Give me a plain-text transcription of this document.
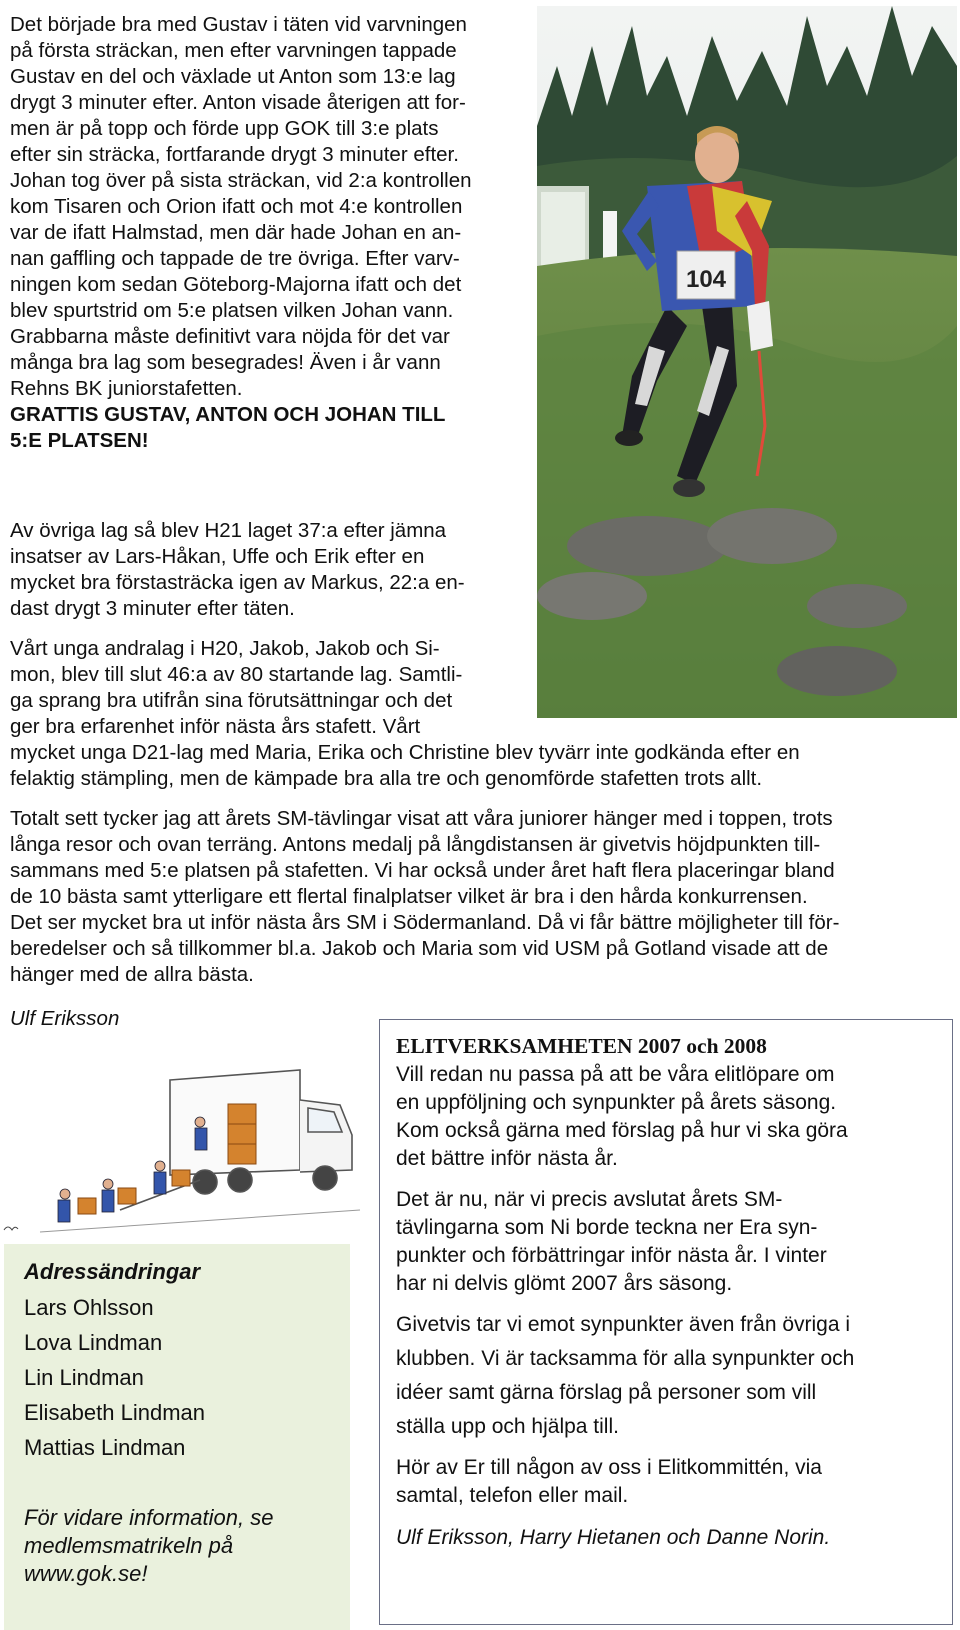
Det började bra med Gustav i täten vid varvningen
på första sträckan, men efter varvningen tappade
Gustav en del och växlade ut Anton som 13:e lag
drygt 3 minuter efter. Anton visade återigen att for-
men är på topp och förde upp GOK till 3:e plats
efter sin sträcka, fortfarande drygt 3 minuter efter.
Johan tog över på sista sträckan, vid 2:a kontrollen
kom Tisaren och Orion ifatt och mot 4:e kontrollen
var de ifatt Halmstad, men där hade Johan en an-
nan gaffling och tappade de tre övriga. Efter varv-
ningen kom sedan Göteborg-Majorna ifatt och det
blev spurtstrid om 5:e platsen vilken Johan vann.
Grabbarna måste definitivt vara nöjda för det var
många bra lag som besegrades! Även i år vann
Rehns BK juniorstafetten.
GRATTIS GUSTAV, ANTON OCH JOHAN TILL
5:E PLATSEN!
Av övriga lag så blev H21 laget 37:a efter jämna
insatser av Lars-Håkan, Uffe och Erik efter en
mycket bra förstasträcka igen av Markus, 22:a en-
dast drygt 3 minuter efter täten.
Vårt unga andralag i H20, Jakob, Jakob och Si-
mon, blev till slut 46:a av 80 startande lag. Samtli-
ga sprang bra utifrån sina förutsättningar och det
ger bra erfarenhet inför nästa års stafett. Vårt
mycket unga D21-lag med Maria, Erika och Christine blev tyvärr inte godkända efter en
felaktig stämpling, men de kämpade bra alla tre och genomförde stafetten trots allt.
Totalt sett tycker jag att årets SM-tävlingar visat att våra juniorer hänger med i toppen, trots
långa resor och ovan terräng. Antons medalj på långdistansen är givetvis höjdpunkten till-
sammans med 5:e platsen på stafetten. Vi har också under året haft flera placeringar bland
de 10 bästa samt ytterligare ett flertal finalplatser vilket är bra i den hårda konkurrensen.
Det ser mycket bra ut inför nästa års SM i Södermanland. Då vi får bättre möjligheter till för-
beredelser och så tillkommer bl.a. Jakob och Maria som vid USM på Gotland visade att de
hänger med de allra bästa.
Ulf Eriksson
104
Adressändringar
Lars Ohlsson
Lova Lindman
Lin Lindman
Elisabeth Lindman
Mattias Lindman
För vidare information, se
medlemsmatrikeln på
www.gok.se!
ELITVERKSAMHETEN 2007 och 2008
Vill redan nu passa på att be våra elitlöpare om
en uppföljning och synpunkter på årets säsong.
Kom också gärna med förslag på hur vi ska göra
det bättre inför nästa år.
Det är nu, när vi precis avslutat årets SM-
tävlingarna som Ni borde teckna ner Era syn-
punkter och förbättringar inför nästa år. I vinter
har ni delvis glömt 2007 års säsong.
Givetvis tar vi emot synpunkter även från övriga i
klubben. Vi är tacksamma för alla synpunkter och
idéer samt gärna förslag på personer som vill
ställa upp och hjälpa till.
Hör av Er till någon av oss i Elitkommittén, via
samtal, telefon eller mail.
Ulf Eriksson, Harry Hietanen och Danne Norin.
